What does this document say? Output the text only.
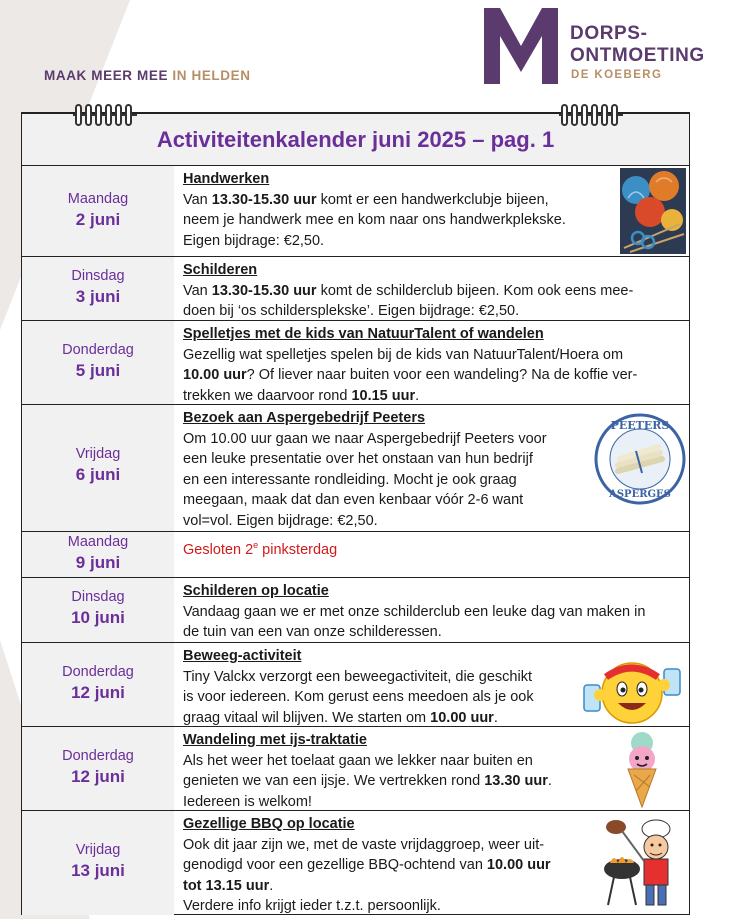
MAAK MEER MEE IN HELDEN
DORPS-
ONTMOETING
DE KOEBERG
Activiteitenkalender juni 2025 – pag. 1
Maandag
2 juni
Handwerken
Van 13.30-15.30 uur komt er een handwerkclubje bijeen,
neem je handwerk mee en kom naar ons handwerkplekske.
Eigen bijdrage: €2,50.
Dinsdag
3 juni
Schilderen
Van 13.30-15.30 uur komt de schilderclub bijeen. Kom ook eens mee-
doen bij ‘os schildersplekske’. Eigen bijdrage: €2,50.
Donderdag
5 juni
Spelletjes met de kids van NatuurTalent of wandelen
Gezellig wat spelletjes spelen bij de kids van NatuurTalent/Hoera om
10.00 uur? Of liever naar buiten voor een wandeling? Na de koffie ver-
trekken we daarvoor rond 10.15 uur.
Vrijdag
6 juni
Bezoek aan Aspergebedrijf Peeters
Om 10.00 uur gaan we naar Aspergebedrijf Peeters voor
een leuke presentatie over het onstaan van hun bedrijf
en een interessante rondleiding. Mocht je ook graag
meegaan, maak dat dan even kenbaar vóór 2-6 want
vol=vol. Eigen bijdrage: €2,50.
PEETERS
ASPERGES
Maandag
9 juni
Gesloten 2e pinksterdag
Dinsdag
10 juni
Schilderen op locatie
Vandaag gaan we er met onze schilderclub een leuke dag van maken in
de tuin van een van onze schilderessen.
Donderdag
12 juni
Beweeg-activiteit
Tiny Valckx verzorgt een beweegactiviteit, die geschikt
is voor iedereen. Kom gerust eens meedoen als je ook
graag vitaal wil blijven. We starten om 10.00 uur.
Donderdag
12 juni
Wandeling met ijs-traktatie
Als het weer het toelaat gaan we lekker naar buiten en
genieten we van een ijsje. We vertrekken rond 13.30 uur.
Iedereen is welkom!
Vrijdag
13 juni
Gezellige BBQ op locatie
Ook dit jaar zijn we, met de vaste vrijdaggroep, weer uit-
genodigd voor een gezellige BBQ-ochtend van 10.00 uur
tot 13.15 uur.
Verdere info krijgt ieder t.z.t. persoonlijk.
